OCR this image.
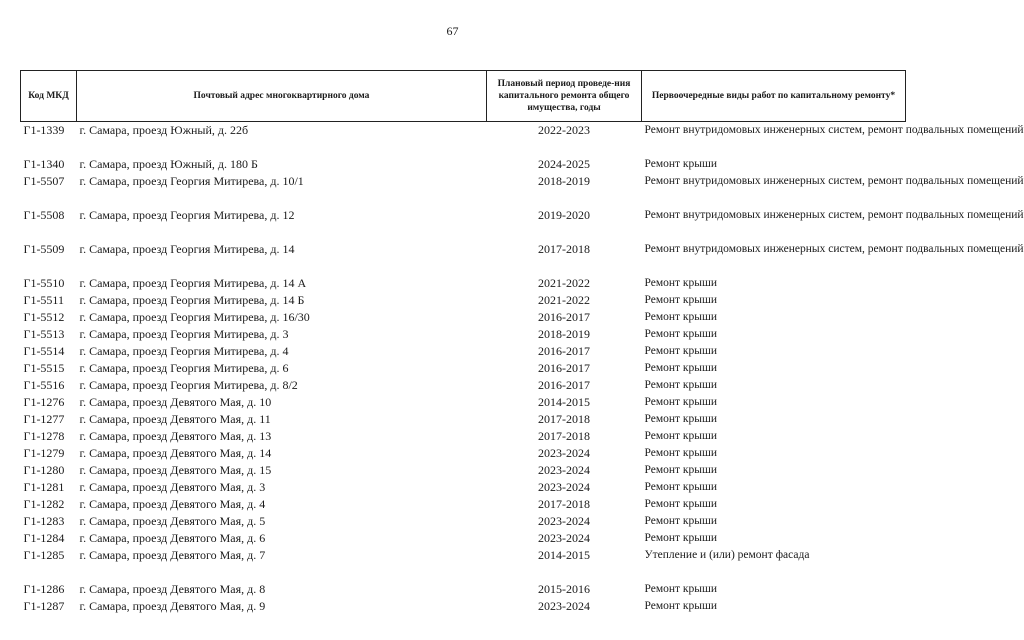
67
Код МКД	Почтовый адрес многоквартирного дома	Плановый период проведе-ния капитального ремонта общего имущества, годы	Первоочередные виды работ по капитальному ремонту*
Г1-1339	г. Самара, проезд Южный, д. 22б	2022-2023	Ремонт внутридомовых инженерных систем, ремонт подвальных помещений
Г1-1340	г. Самара, проезд Южный, д. 180 Б	2024-2025	Ремонт крыши
Г1-5507	г. Самара, проезд Георгия Митирева, д. 10/1	2018-2019	Ремонт внутридомовых инженерных систем, ремонт подвальных помещений
Г1-5508	г. Самара, проезд Георгия Митирева, д. 12	2019-2020	Ремонт внутридомовых инженерных систем, ремонт подвальных помещений
Г1-5509	г. Самара, проезд Георгия Митирева, д. 14	2017-2018	Ремонт внутридомовых инженерных систем, ремонт подвальных помещений
Г1-5510	г. Самара, проезд Георгия Митирева, д. 14 А	2021-2022	Ремонт крыши
Г1-5511	г. Самара, проезд Георгия Митирева, д. 14 Б	2021-2022	Ремонт крыши
Г1-5512	г. Самара, проезд Георгия Митирева, д. 16/30	2016-2017	Ремонт крыши
Г1-5513	г. Самара, проезд Георгия Митирева, д. 3	2018-2019	Ремонт крыши
Г1-5514	г. Самара, проезд Георгия Митирева, д. 4	2016-2017	Ремонт крыши
Г1-5515	г. Самара, проезд Георгия Митирева, д. 6	2016-2017	Ремонт крыши
Г1-5516	г. Самара, проезд Георгия Митирева, д. 8/2	2016-2017	Ремонт крыши
Г1-1276	г. Самара, проезд Девятого Мая, д. 10	2014-2015	Ремонт крыши
Г1-1277	г. Самара, проезд Девятого Мая, д. 11	2017-2018	Ремонт крыши
Г1-1278	г. Самара, проезд Девятого Мая, д. 13	2017-2018	Ремонт крыши
Г1-1279	г. Самара, проезд Девятого Мая, д. 14	2023-2024	Ремонт крыши
Г1-1280	г. Самара, проезд Девятого Мая, д. 15	2023-2024	Ремонт крыши
Г1-1281	г. Самара, проезд Девятого Мая, д. 3	2023-2024	Ремонт крыши
Г1-1282	г. Самара, проезд Девятого Мая, д. 4	2017-2018	Ремонт крыши
Г1-1283	г. Самара, проезд Девятого Мая, д. 5	2023-2024	Ремонт крыши
Г1-1284	г. Самара, проезд Девятого Мая, д. 6	2023-2024	Ремонт крыши
Г1-1285	г. Самара, проезд Девятого Мая, д. 7	2014-2015	Утепление и (или) ремонт фасада
Г1-1286	г. Самара, проезд Девятого Мая, д. 8	2015-2016	Ремонт крыши
Г1-1287	г. Самара, проезд Девятого Мая, д. 9	2023-2024	Ремонт крыши
